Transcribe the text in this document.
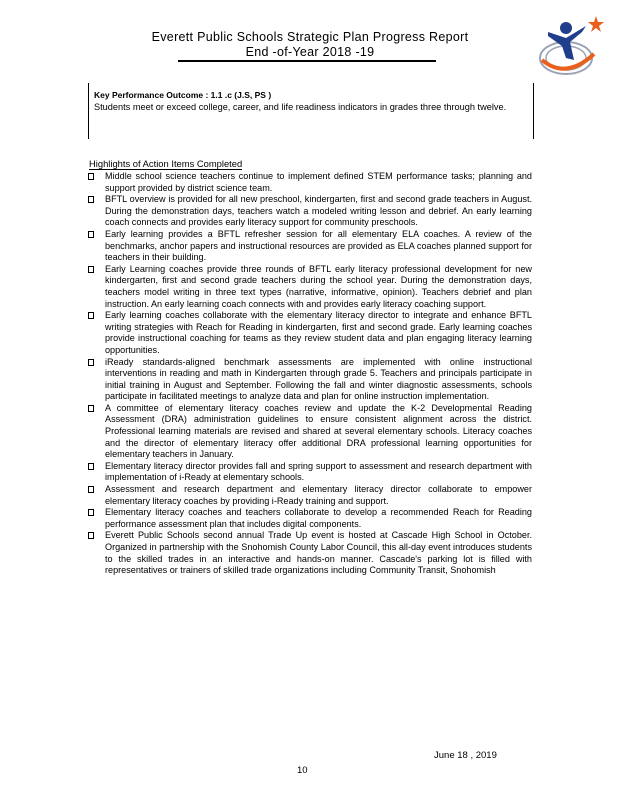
Everett Public Schools Strategic Plan Progress Report
End -of-Year 2018 -19
Key Performance Outcome : 1.1 .c (J.S, PS )
Students meet or exceed college, career, and life readiness indicators in grades three through twelve.
Highlights of Action Items Completed
Middle school science teachers continue to implement defined STEM performance tasks; planning and support provided by district science team.
BFTL overview is provided for all new preschool, kindergarten, first and second grade teachers in August. During the demonstration days, teachers watch a modeled writing lesson and debrief. An early learning coach connects and provides early literacy support for community preschools.
Early learning provides a BFTL refresher session for all elementary ELA coaches. A review of the benchmarks, anchor papers and instructional resources are provided as ELA coaches planned support for teachers in their building.
Early Learning coaches provide three rounds of BFTL early literacy professional development for new kindergarten, first and second grade teachers during the school year. During the demonstration days, teachers model writing in three text types (narrative, informative, opinion). Teachers debrief and plan instruction. An early learning coach connects with and provides early literacy coaching support.
Early learning coaches collaborate with the elementary literacy director to integrate and enhance BFTL writing strategies with Reach for Reading in kindergarten, first and second grade. Early learning coaches provide instructional coaching for teams as they review student data and plan engaging literacy learning opportunities.
iReady standards-aligned benchmark assessments are implemented with online instructional interventions in reading and math in Kindergarten through grade 5. Teachers and principals participate in initial training in August and September. Following the fall and winter diagnostic assessments, schools participate in facilitated meetings to analyze data and plan for online instruction implementation.
A committee of elementary literacy coaches review and update the K-2 Developmental Reading Assessment (DRA) administration guidelines to ensure consistent alignment across the district. Professional learning materials are revised and shared at several elementary schools. Literacy coaches and the director of elementary literacy offer additional DRA professional learning opportunities for elementary teachers in January.
Elementary literacy director provides fall and spring support to assessment and research department with implementation of i-Ready at elementary schools.
Assessment and research department and elementary literacy director collaborate to empower elementary literacy coaches by providing i-Ready training and support.
Elementary literacy coaches and teachers collaborate to develop a recommended Reach for Reading performance assessment plan that includes digital components.
Everett Public Schools second annual Trade Up event is hosted at Cascade High School in October. Organized in partnership with the Snohomish County Labor Council, this all-day event introduces students to the skilled trades in an interactive and hands-on manner. Cascade's parking lot is filled with representatives or trainers of skilled trade organizations including Community Transit, Snohomish
June 18 , 2019
10
